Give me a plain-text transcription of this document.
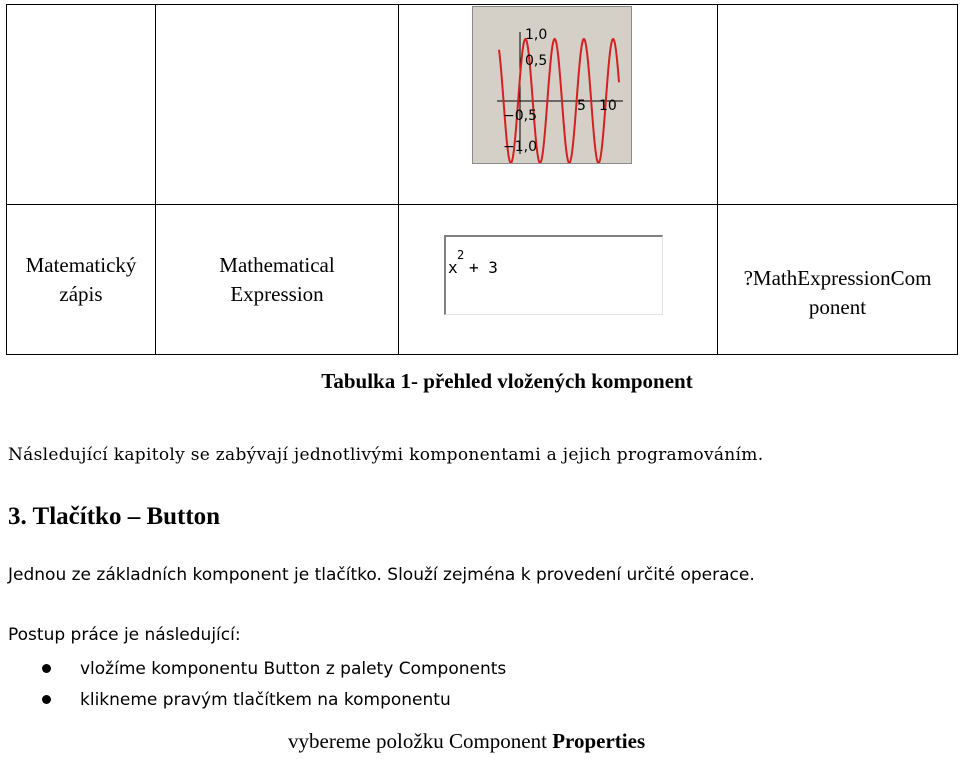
1,0
0,5
−0,5
−1,0
5 10
Matematický
zápis
Mathematical
Expression
?MathExpressionCom
ponent
x
2
+ 3
Tabulka 1- přehled vložených komponent
Následující kapitoly se zabývají jednotlivými komponentami a jejich programováním.
3. Tlačítko – Button
Jednou ze základních komponent je tlačítko. Slouží zejména k provedení určité operace.
Postup práce je následující:
vložíme komponentu Button z palety Components
klikneme pravým tlačítkem na komponentu
vybereme položku Component Properties
